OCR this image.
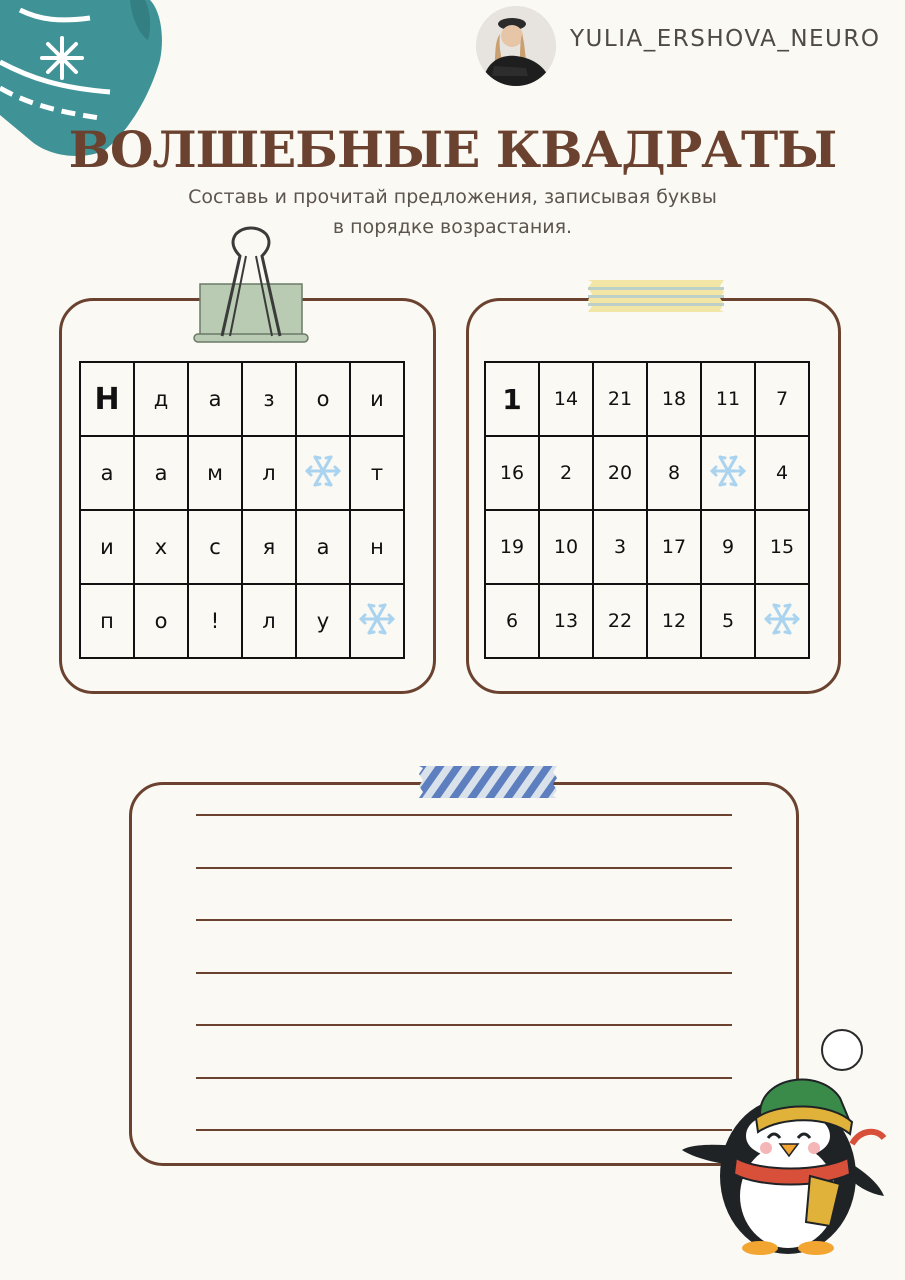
YULIA_ERSHOVA_NEURO
ВОЛШЕБНЫЕ КВАДРАТЫ
Составь и прочитай предложения, записывая буквы
в порядке возрастания.
Н	д	а	з	о	и
а	а	м	л		т
и	х	с	я	а	н
п	о	!	л	у	
1	14	21	18	11	7
16	2	20	8		4
19	10	3	17	9	15
6	13	22	12	5	
